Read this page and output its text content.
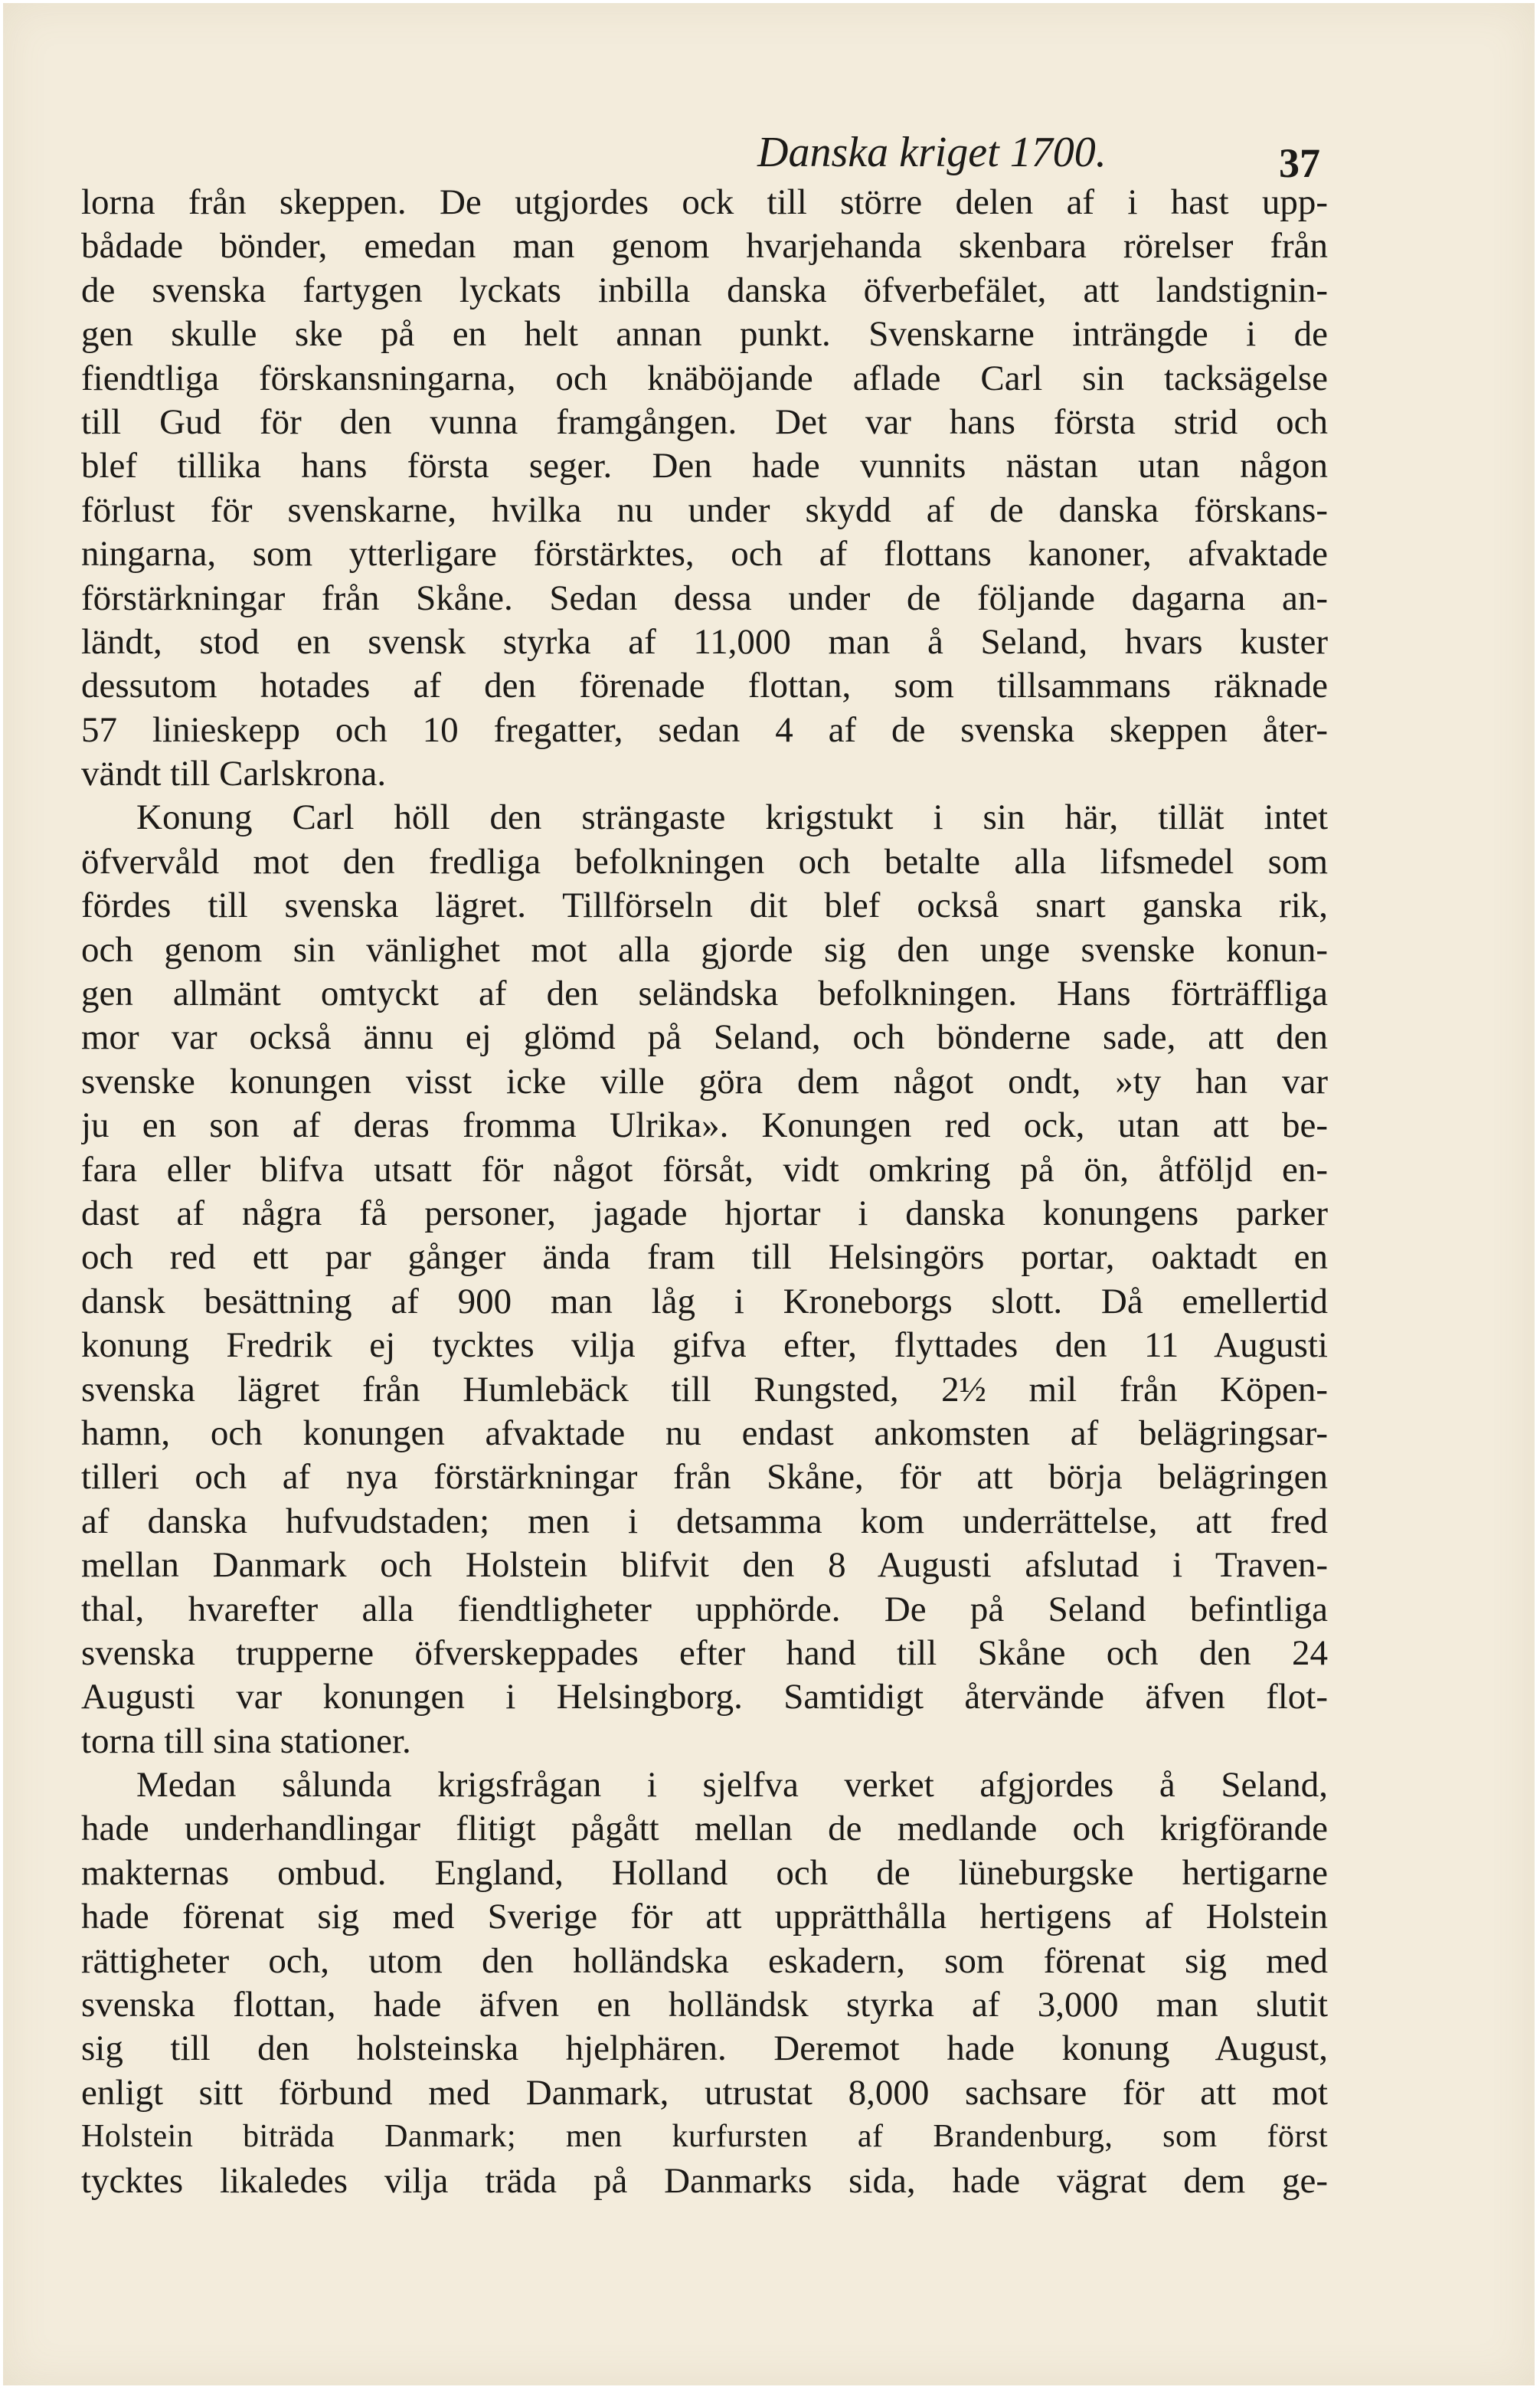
Danska kriget 1700.	37
lorna från skeppen. De utgjordes ock till större delen af i hast upp-
bådade bönder, emedan man genom hvarjehanda skenbara rörelser från
de svenska fartygen lyckats inbilla danska öfverbefälet, att landstignin-
gen skulle ske på en helt annan punkt. Svenskarne inträngde i de
fiendtliga förskansningarna, och knäböjande aflade Carl sin tacksägelse
till Gud för den vunna framgången. Det var hans första strid och
blef tillika hans första seger. Den hade vunnits nästan utan någon
förlust för svenskarne, hvilka nu under skydd af de danska förskans-
ningarna, som ytterligare förstärktes, och af flottans kanoner, afvaktade
förstärkningar från Skåne. Sedan dessa under de följande dagarna an-
ländt, stod en svensk styrka af 11,000 man å Seland, hvars kuster
dessutom hotades af den förenade flottan, som tillsammans räknade
57 linieskepp och 10 fregatter, sedan 4 af de svenska skeppen åter-
vändt till Carlskrona.
Konung Carl höll den strängaste krigstukt i sin här, tillät intet
öfvervåld mot den fredliga befolkningen och betalte alla lifsmedel som
fördes till svenska lägret. Tillförseln dit blef också snart ganska rik,
och genom sin vänlighet mot alla gjorde sig den unge svenske konun-
gen allmänt omtyckt af den seländska befolkningen. Hans förträffliga
mor var också ännu ej glömd på Seland, och bönderne sade, att den
svenske konungen visst icke ville göra dem något ondt, »ty han var
ju en son af deras fromma Ulrika». Konungen red ock, utan att be-
fara eller blifva utsatt för något försåt, vidt omkring på ön, åtföljd en-
dast af några få personer, jagade hjortar i danska konungens parker
och red ett par gånger ända fram till Helsingörs portar, oaktadt en
dansk besättning af 900 man låg i Kroneborgs slott. Då emellertid
konung Fredrik ej tycktes vilja gifva efter, flyttades den 11 Augusti
svenska lägret från Humlebäck till Rungsted, 2½ mil från Köpen-
hamn, och konungen afvaktade nu endast ankomsten af belägringsar-
tilleri och af nya förstärkningar från Skåne, för att börja belägringen
af danska hufvudstaden; men i detsamma kom underrättelse, att fred
mellan Danmark och Holstein blifvit den 8 Augusti afslutad i Traven-
thal, hvarefter alla fiendtligheter upphörde. De på Seland befintliga
svenska trupperne öfverskeppades efter hand till Skåne och den 24
Augusti var konungen i Helsingborg. Samtidigt återvände äfven flot-
torna till sina stationer.
Medan sålunda krigsfrågan i sjelfva verket afgjordes å Seland,
hade underhandlingar flitigt pågått mellan de medlande och krigförande
makternas ombud. England, Holland och de lüneburgske hertigarne
hade förenat sig med Sverige för att upprätthålla hertigens af Holstein
rättigheter och, utom den holländska eskadern, som förenat sig med
svenska flottan, hade äfven en holländsk styrka af 3,000 man slutit
sig till den holsteinska hjelphären. Deremot hade konung August,
enligt sitt förbund med Danmark, utrustat 8,000 sachsare för att mot
Holstein biträda Danmark; men kurfursten af Brandenburg, som först
tycktes likaledes vilja träda på Danmarks sida, hade vägrat dem ge-
